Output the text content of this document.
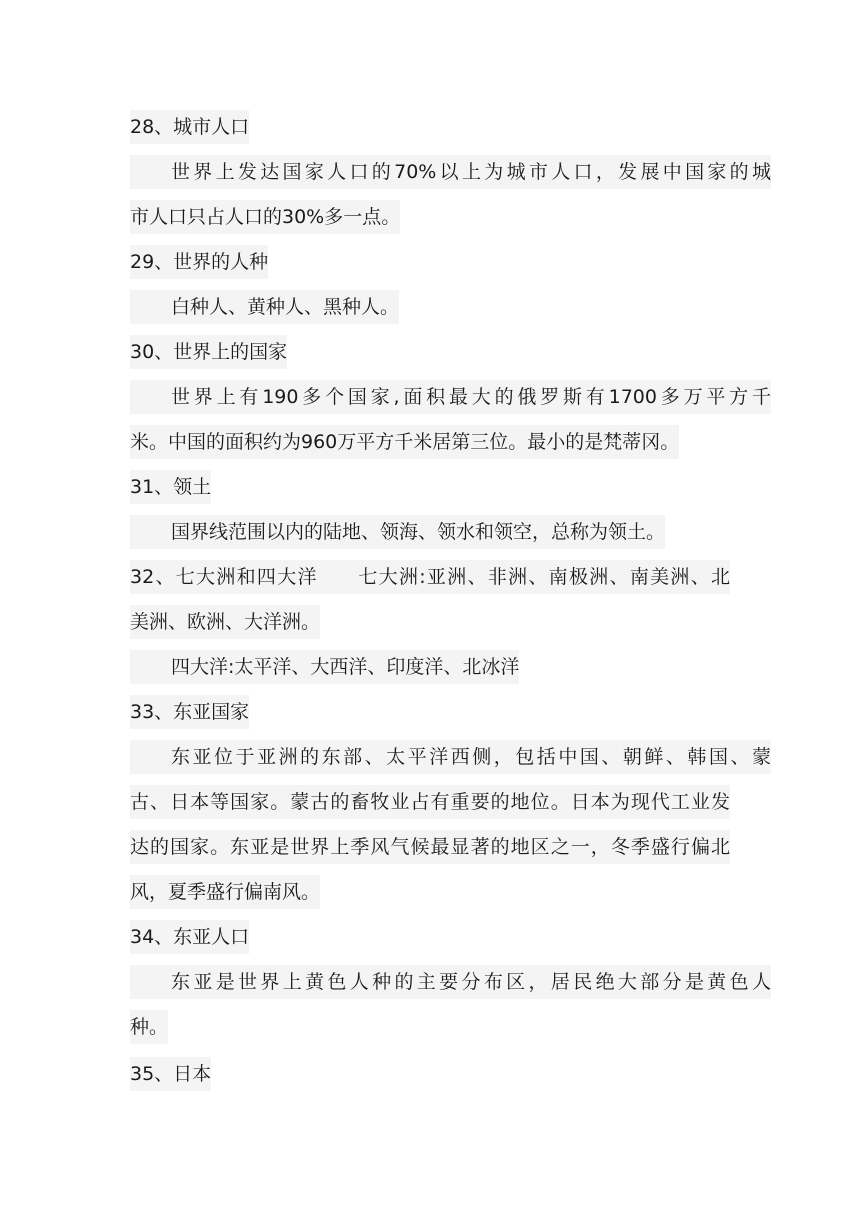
28、城市人口
世界上发达国家人口的70%以上为城市人口，发展中国家的城
市人口只占人口的30%多一点。
29、世界的人种
白种人、黄种人、黑种人。
30、世界上的国家
世界上有190多个国家,面积最大的俄罗斯有1700多万平方千
米。中国的面积约为960万平方千米居第三位。最小的是梵蒂冈。
31、领土
国界线范围以内的陆地、领海、领水和领空，总称为领土。
32、七大洲和四大洋　　七大洲:亚洲、非洲、南极洲、南美洲、北
美洲、欧洲、大洋洲。
四大洋:太平洋、大西洋、印度洋、北冰洋
33、东亚国家
东亚位于亚洲的东部、太平洋西侧，包括中国、朝鲜、韩国、蒙
古、日本等国家。蒙古的畜牧业占有重要的地位。日本为现代工业发
达的国家。东亚是世界上季风气候最显著的地区之一，冬季盛行偏北
风，夏季盛行偏南风。
34、东亚人口
东亚是世界上黄色人种的主要分布区，居民绝大部分是黄色人
种。
35、日本
